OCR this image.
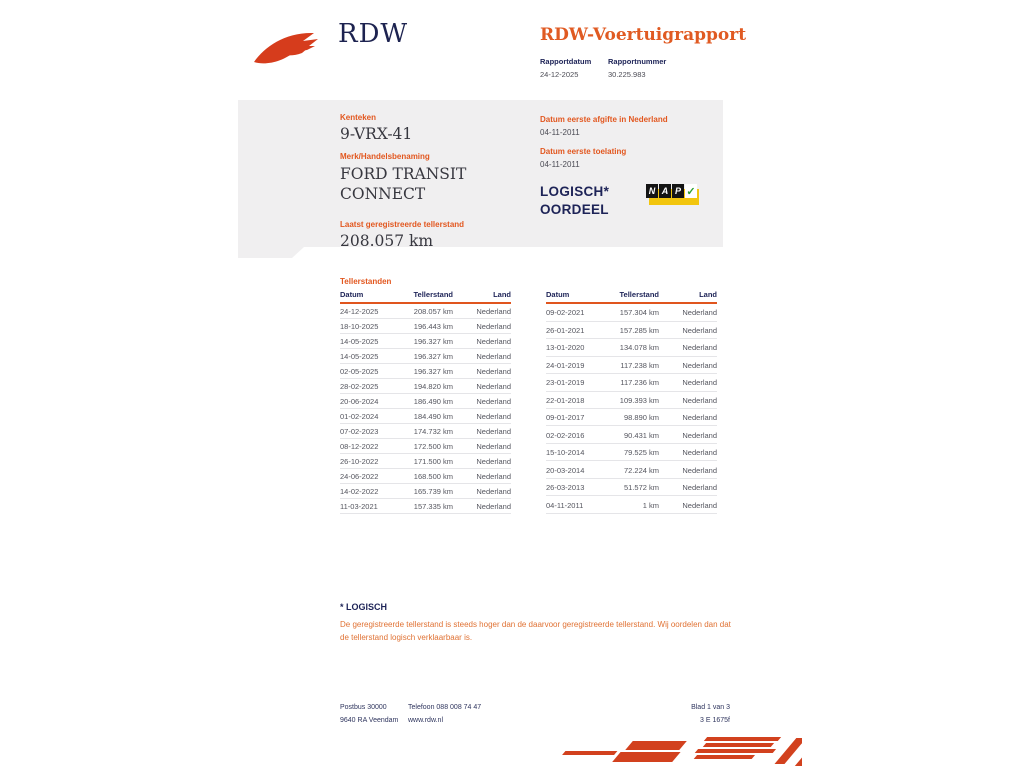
RDW	RDW-Voertuigrapport
Rapportdatum
24-12-2025
Rapportnummer
30.225.983
Kenteken
9-VRX-41
Merk/Handelsbenaming
FORD TRANSIT CONNECT
Laatst geregistreerde tellerstand
208.057 km
Datum eerste afgifte in Nederland
04-11-2011
Datum eerste toelating
04-11-2011
LOGISCH*
OORDEEL
N A P ✓
Tellerstanden
Datum	Tellerstand	Land
24-12-2025	208.057 km	Nederland
18-10-2025	196.443 km	Nederland
14-05-2025	196.327 km	Nederland
14-05-2025	196.327 km	Nederland
02-05-2025	196.327 km	Nederland
28-02-2025	194.820 km	Nederland
20-06-2024	186.490 km	Nederland
01-02-2024	184.490 km	Nederland
07-02-2023	174.732 km	Nederland
08-12-2022	172.500 km	Nederland
26-10-2022	171.500 km	Nederland
24-06-2022	168.500 km	Nederland
14-02-2022	165.739 km	Nederland
11-03-2021	157.335 km	Nederland
Datum	Tellerstand	Land
09-02-2021	157.304 km	Nederland
26-01-2021	157.285 km	Nederland
13-01-2020	134.078 km	Nederland
24-01-2019	117.238 km	Nederland
23-01-2019	117.236 km	Nederland
22-01-2018	109.393 km	Nederland
09-01-2017	98.890 km	Nederland
02-02-2016	90.431 km	Nederland
15-10-2014	79.525 km	Nederland
20-03-2014	72.224 km	Nederland
26-03-2013	51.572 km	Nederland
04-11-2011	1 km	Nederland
* LOGISCH
De geregistreerde tellerstand is steeds hoger dan de daarvoor geregistreerde tellerstand. Wij oordelen dan dat de tellerstand logisch verklaarbaar is.
Postbus 30000
9640 RA Veendam
Telefoon 088 008 74 47
www.rdw.nl
Blad 1 van 3
3 E 1675f
